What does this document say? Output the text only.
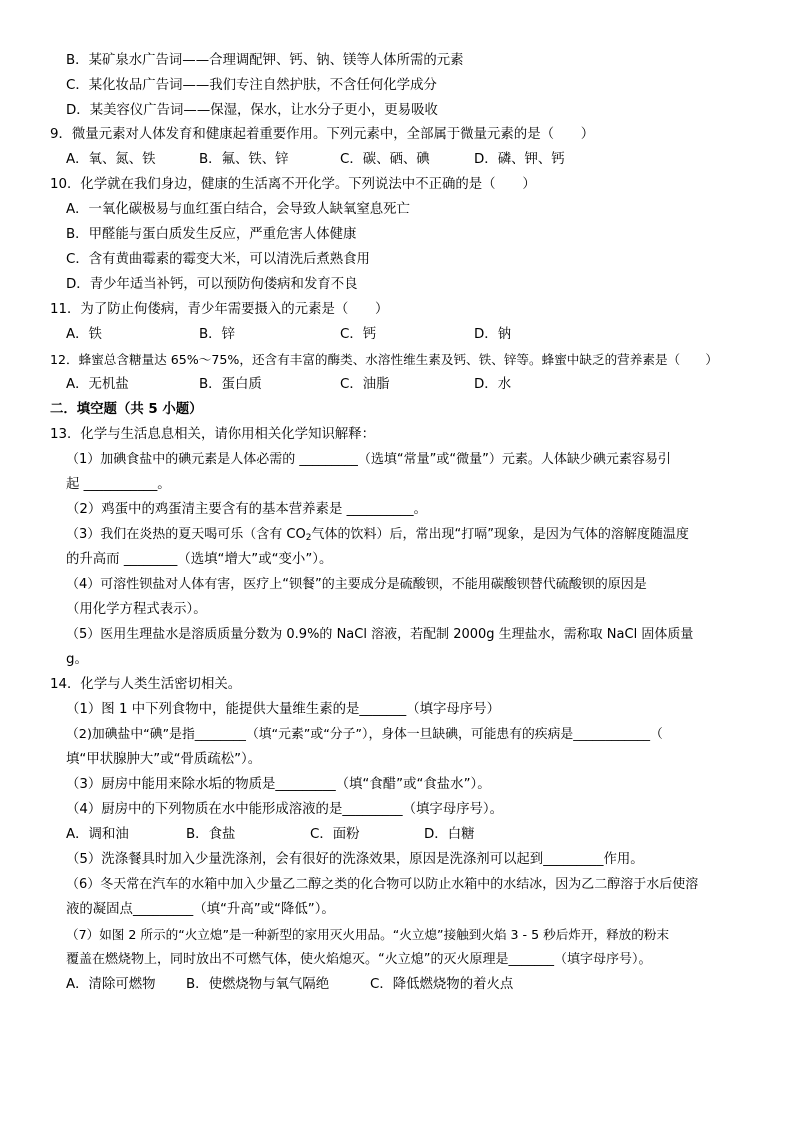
B．某矿泉水广告词——合理调配钾、钙、钠、镁等人体所需的元素
C．某化妆品广告词——我们专注自然护肤，不含任何化学成分
D．某美容仪广告词——保湿，保水，让水分子更小，更易吸收
9．微量元素对人体发育和健康起着重要作用。下列元素中，全部属于微量元素的是（　　）
A．氧、氮、铁	B．氟、铁、锌	C．碳、硒、碘	D．磷、钾、钙
10．化学就在我们身边，健康的生活离不开化学。下列说法中不正确的是（　　）
A．一氧化碳极易与血红蛋白结合，会导致人缺氧窒息死亡
B．甲醛能与蛋白质发生反应，严重危害人体健康
C．含有黄曲霉素的霉变大米，可以清洗后煮熟食用
D．青少年适当补钙，可以预防佝偻病和发育不良
11．为了防止佝偻病，青少年需要摄入的元素是（　　）
A．铁	B．锌	C．钙	D．钠
12．蜂蜜总含糖量达 65%～75%，还含有丰富的酶类、水溶性维生素及钙、铁、锌等。蜂蜜中缺乏的营养素是（　　）
A．无机盐	B．蛋白质	C．油脂	D．水
二．填空题（共 5 小题）
13．化学与生活息息相关，请你用相关化学知识解释：
（1）加碘食盐中的碘元素是人体必需的 _________（选填“常量”或“微量”）元素。人体缺少碘元素容易引
起 ___________。
（2）鸡蛋中的鸡蛋清主要含有的基本营养素是 __________。
（3）我们在炎热的夏天喝可乐（含有 $CO_2$气体的饮料）后，常出现“打嗝”现象，是因为气体的溶解度随温度
的升高而 ________（选填“增大”或“变小”）。
（4）可溶性钡盐对人体有害，医疗上“钡餐”的主要成分是硫酸钡，不能用碳酸钡替代硫酸钡的原因是
（用化学方程式表示）。
（5）医用生理盐水是溶质质量分数为 0.9%的 NaCl 溶液，若配制 2000g 生理盐水，需称取 NaCl 固体质量
g。
14．化学与人类生活密切相关。
（1）图 1 中下列食物中，能提供大量维生素的是_______（填字母序号）
（2)加碘盐中“碘”是指________（填“元素”或“分子”），身体一旦缺碘，可能患有的疾病是____________（
填“甲状腺肿大”或“骨质疏松”）。
（3）厨房中能用来除水垢的物质是_________（填“食醋”或“食盐水”）。
（4）厨房中的下列物质在水中能形成溶液的是_________（填字母序号）。
A．调和油	B．食盐	C．面粉	D．白糖
（5）洗涤餐具时加入少量洗涤剂，会有很好的洗涤效果，原因是洗涤剂可以起到_________作用。
（6）冬天常在汽车的水箱中加入少量乙二醇之类的化合物可以防止水箱中的水结冰，因为乙二醇溶于水后使溶
液的凝固点_________（填“升高”或“降低”）。
（7）如图 2 所示的“火立熄”是一种新型的家用灭火用品。“火立熄”接触到火焰 3 - 5 秒后炸开，释放的粉末
覆盖在燃烧物上，同时放出不可燃气体，使火焰熄灭。“火立熄”的灭火原理是_______（填字母序号）。
A．清除可燃物 B．使燃烧物与氧气隔绝	C．降低燃烧物的着火点
